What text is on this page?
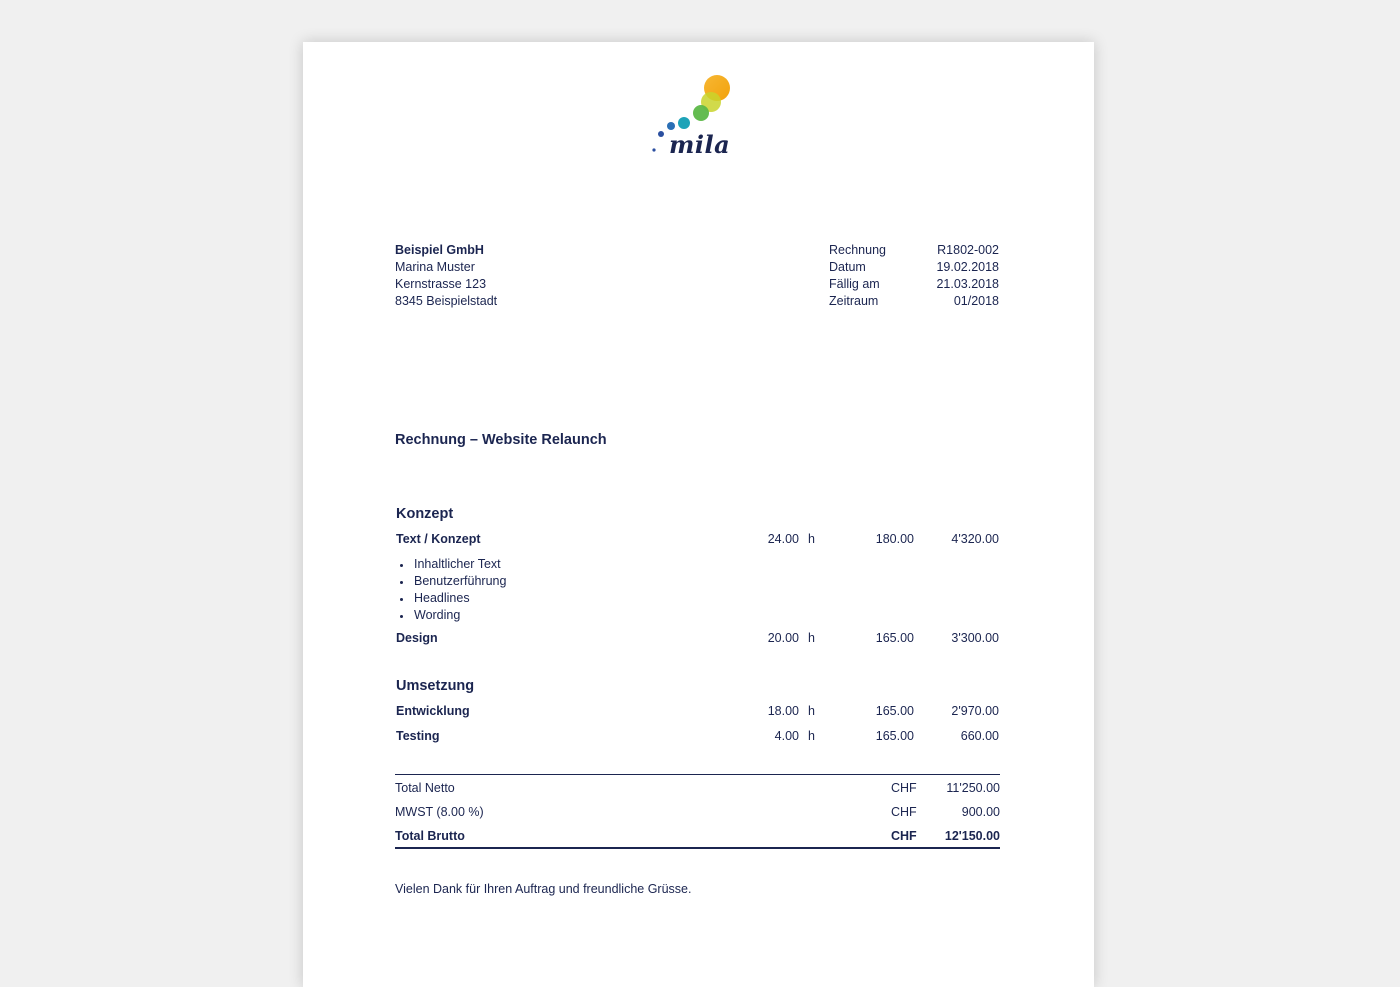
mila
Beispiel GmbH
Marina Muster
Kernstrasse 123
8345 Beispielstadt
Rechnung	R1802-002
Datum	19.02.2018
Fällig am	21.03.2018
Zeitraum	01/2018
Rechnung – Website Relaunch
Konzept
Text / Konzept	24.00 h	180.00	4'320.00
Inhaltlicher Text
Benutzerführung
Headlines
Wording
Design	20.00 h	165.00	3'300.00
Umsetzung
Entwicklung	18.00 h	165.00	2'970.00
Testing	4.00 h	165.00	660.00
Total Netto	CHF 11'250.00
MWST (8.00 %)	CHF	900.00
Total Brutto	CHF 12'150.00
Vielen Dank für Ihren Auftrag und freundliche Grüsse.
